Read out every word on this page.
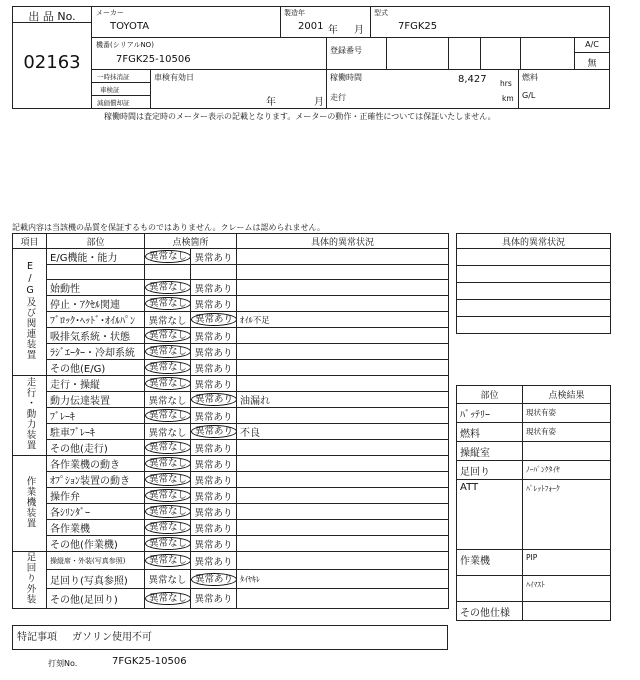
出 品 No.
02163
メーカー
TOYOTA
製造年
2001 年 月
型式
7FGK25
機番(シリアルNO)
7FGK25-10506
登録番号
A/C
無
一時抹消証
車検証
減価償却証
車検有効日
年	月
稼働時間	8,427 hrs
km
走行
燃料
G/L
稼働時間は査定時のメーター表示の記載となります。メーターの動作・正確性については保証いたしません。
記載内容は当該機の品質を保証するものではありません。クレームは認められません。
項目	部位	点検箇所		具体的異常状況
E/G及び関連装置	E/G機能・能力	異常なし	異常あり	

	始動性	異常なし	異常あり	
	停止・ｱｸｾﾙ関連	異常なし	異常あり	
	ﾌﾞﾛｯｸ･ﾍｯﾄﾞ･ｵｲﾙﾊﾟﾝ	異常なし	異常あり	ｵｲﾙ不足
	吸排気系統・状態	異常なし	異常あり	
	ﾗｼﾞｴｰﾀｰ・冷却系統	異常なし	異常あり	
	その他(E/G)	異常なし	異常あり	
走行・動力装置	走行・操縦	異常なし	異常あり	
	動力伝達装置	異常なし	異常あり	油漏れ
	ﾌﾞﾚｰｷ	異常なし	異常あり	
	駐車ﾌﾞﾚｰｷ	異常なし	異常あり	不良
	その他(走行)	異常なし	異常あり	
作業機装置	各作業機の動き	異常なし	異常あり	
	ｵﾌﾟｼｮﾝ装置の動き	異常なし	異常あり	
	操作弁	異常なし	異常あり	
	各ｼﾘﾝﾀﾞｰ	異常なし	異常あり	
	各作業機	異常なし	異常あり	
	その他(作業機)	異常なし	異常あり	
足回り外装	操縦席・外装(写真参照)	異常なし	異常あり	
	足回り(写真参照)	異常なし	異常あり	ﾀｲﾔｷﾚ
	その他(足回り)	異常なし	異常あり	
特記事項 ガソリン使用不可
打刻No.	7FGK25-10506
具体的異常状況

部位	点検結果
ﾊﾞｯﾃﾘｰ	現状有姿
燃料	現状有姿
操縦室	
足回り	ﾉｰﾊﾟﾝｸﾀｲﾔ
ATT	ﾊﾟﾚｯﾄﾌｫｰｸ
作業機	PIP
	ﾊｲﾏｽﾄ
その他仕様	
